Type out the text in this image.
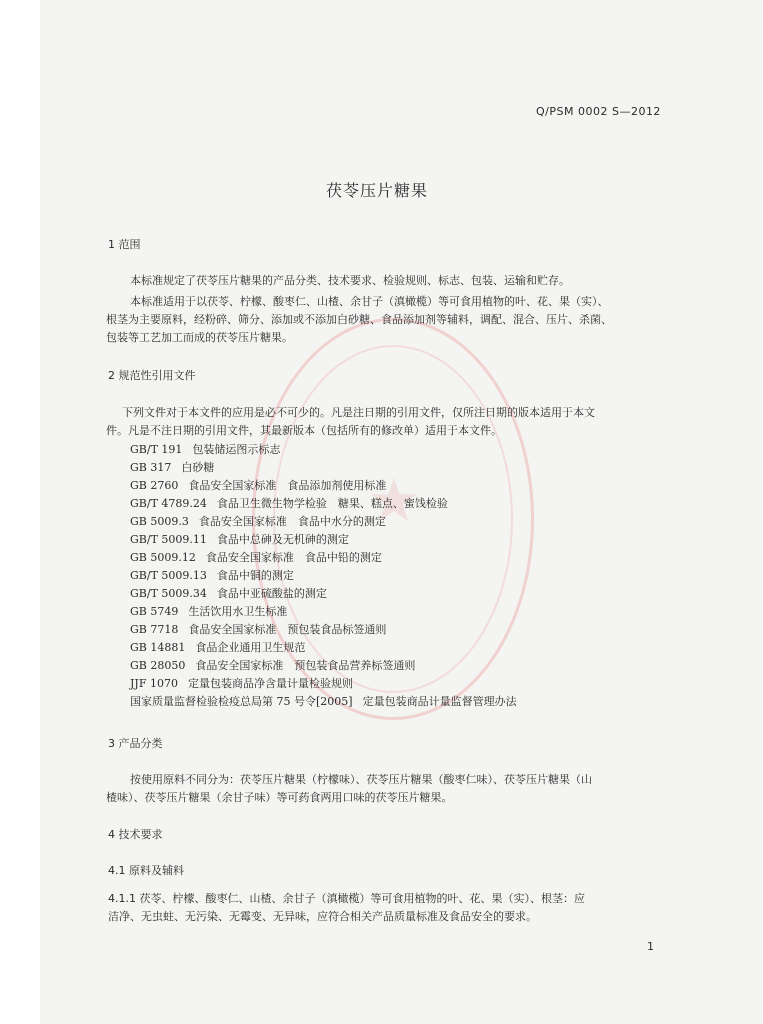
★
Q/PSM 0002 S—2012
茯苓压片糖果
1 范围
本标准规定了茯苓压片糖果的产品分类、技术要求、检验规则、标志、包装、运输和贮存。
本标准适用于以茯苓、柠檬、酸枣仁、山楂、余甘子（滇橄榄）等可食用植物的叶、花、果（实）、
根茎为主要原料，经粉碎、筛分、添加或不添加白砂糖、食品添加剂等辅料，调配、混合、压片、杀菌、
包装等工艺加工而成的茯苓压片糖果。
2 规范性引用文件
下列文件对于本文件的应用是必不可少的。凡是注日期的引用文件，仅所注日期的版本适用于本文
件。凡是不注日期的引用文件，其最新版本（包括所有的修改单）适用于本文件。
GB/T 191 包装储运图示标志
GB 317 白砂糖
GB 2760 食品安全国家标准　食品添加剂使用标准
GB/T 4789.24 食品卫生微生物学检验　糖果、糕点、蜜饯检验
GB 5009.3 食品安全国家标准　食品中水分的测定
GB/T 5009.11 食品中总砷及无机砷的测定
GB 5009.12 食品安全国家标准　食品中铅的测定
GB/T 5009.13 食品中铜的测定
GB/T 5009.34 食品中亚硫酸盐的测定
GB 5749 生活饮用水卫生标准
GB 7718 食品安全国家标准　预包装食品标签通则
GB 14881 食品企业通用卫生规范
GB 28050 食品安全国家标准　预包装食品营养标签通则
JJF 1070 定量包装商品净含量计量检验规则
国家质量监督检验检疫总局第 75 号令[2005] 定量包装商品计量监督管理办法
3 产品分类
按使用原料不同分为：茯苓压片糖果（柠檬味）、茯苓压片糖果（酸枣仁味）、茯苓压片糖果（山
楂味）、茯苓压片糖果（余甘子味）等可药食两用口味的茯苓压片糖果。
4 技术要求
4.1 原料及辅料
4.1.1 茯苓、柠檬、酸枣仁、山楂、余甘子（滇橄榄）等可食用植物的叶、花、果（实）、根茎：应
洁净、无虫蛀、无污染、无霉变、无异味，应符合相关产品质量标准及食品安全的要求。
1
